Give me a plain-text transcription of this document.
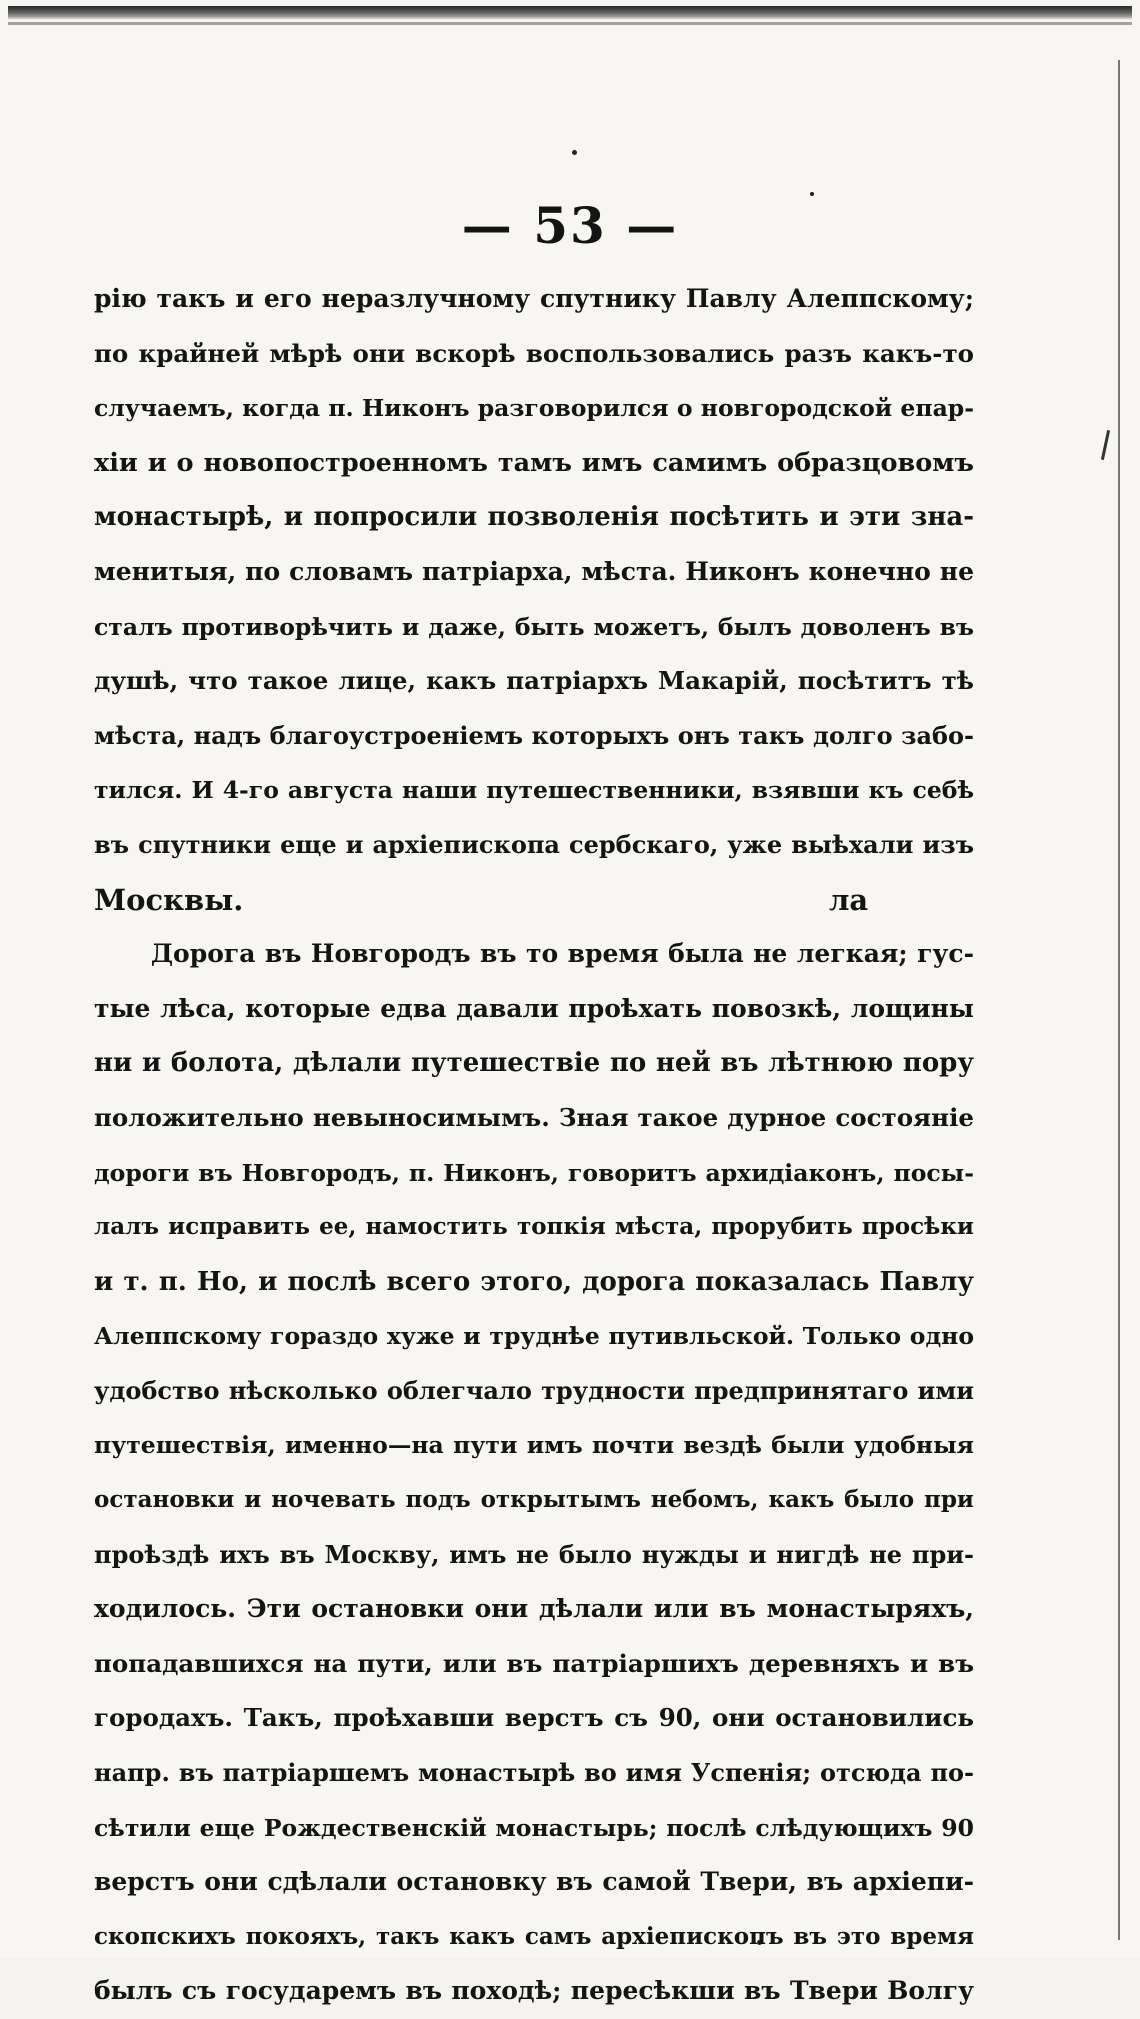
— 53 —
рію такъ и его неразлучному спутнику Павлу Алеппскому;
по крайней мѣрѣ они вскорѣ воспользовались разъ какъ-то
случаемъ, когда п. Никонъ разговорился о новгородской епар-
хіи и о новопостроенномъ тамъ имъ самимъ образцовомъ
монастырѣ, и попросили позволенія посѣтить и эти зна-
менитыя, по словамъ патріарха, мѣста. Никонъ конечно не
сталъ противорѣчить и даже, быть можетъ, былъ доволенъ въ
душѣ, что такое лице, какъ патріархъ Макарій, посѣтитъ тѣ
мѣста, надъ благоустроеніемъ которыхъ онъ такъ долго забо-
тился. И 4-го августа наши путешественники, взявши къ себѣ
въ спутники еще и архіепископа сербскаго, уже выѣхали изъ
Москвы.                                                          ла
Дорога въ Новгородъ въ то время была не легкая; гус-
тые лѣса, которые едва давали проѣхать повозкѣ, лощины
ни и болота, дѣлали путешествіе по ней въ лѣтнюю пору
положительно невыносимымъ. Зная такое дурное состояніе
дороги въ Новгородъ, п. Никонъ, говоритъ архидіаконъ, посы-
лалъ исправить ее, намостить топкія мѣста, прорубить просѣки
и т. п. Но, и послѣ всего этого, дорога показалась Павлу
Алеппскому гораздо хуже и труднѣе путивльской. Только одно
удобство нѣсколько облегчало трудности предпринятаго ими
путешествія, именно—на пути имъ почти вездѣ были удобныя
остановки и ночевать подъ открытымъ небомъ, какъ было при
проѣздѣ ихъ въ Москву, имъ не было нужды и нигдѣ не при-
ходилось. Эти остановки они дѣлали или въ монастыряхъ,
попадавшихся на пути, или въ патріаршихъ деревняхъ и въ
городахъ. Такъ, проѣхавши верстъ съ 90, они остановились
напр. въ патріаршемъ монастырѣ во имя Успенія; отсюда по-
сѣтили еще Рождественскій монастырь; послѣ слѣдующихъ 90
верстъ они сдѣлали остановку въ самой Твери, въ архіепи-
скопскихъ покояхъ, такъ какъ самъ архіепископъ въ это время
былъ съ государемъ въ походѣ; пересѣкши въ Твери Волгу
